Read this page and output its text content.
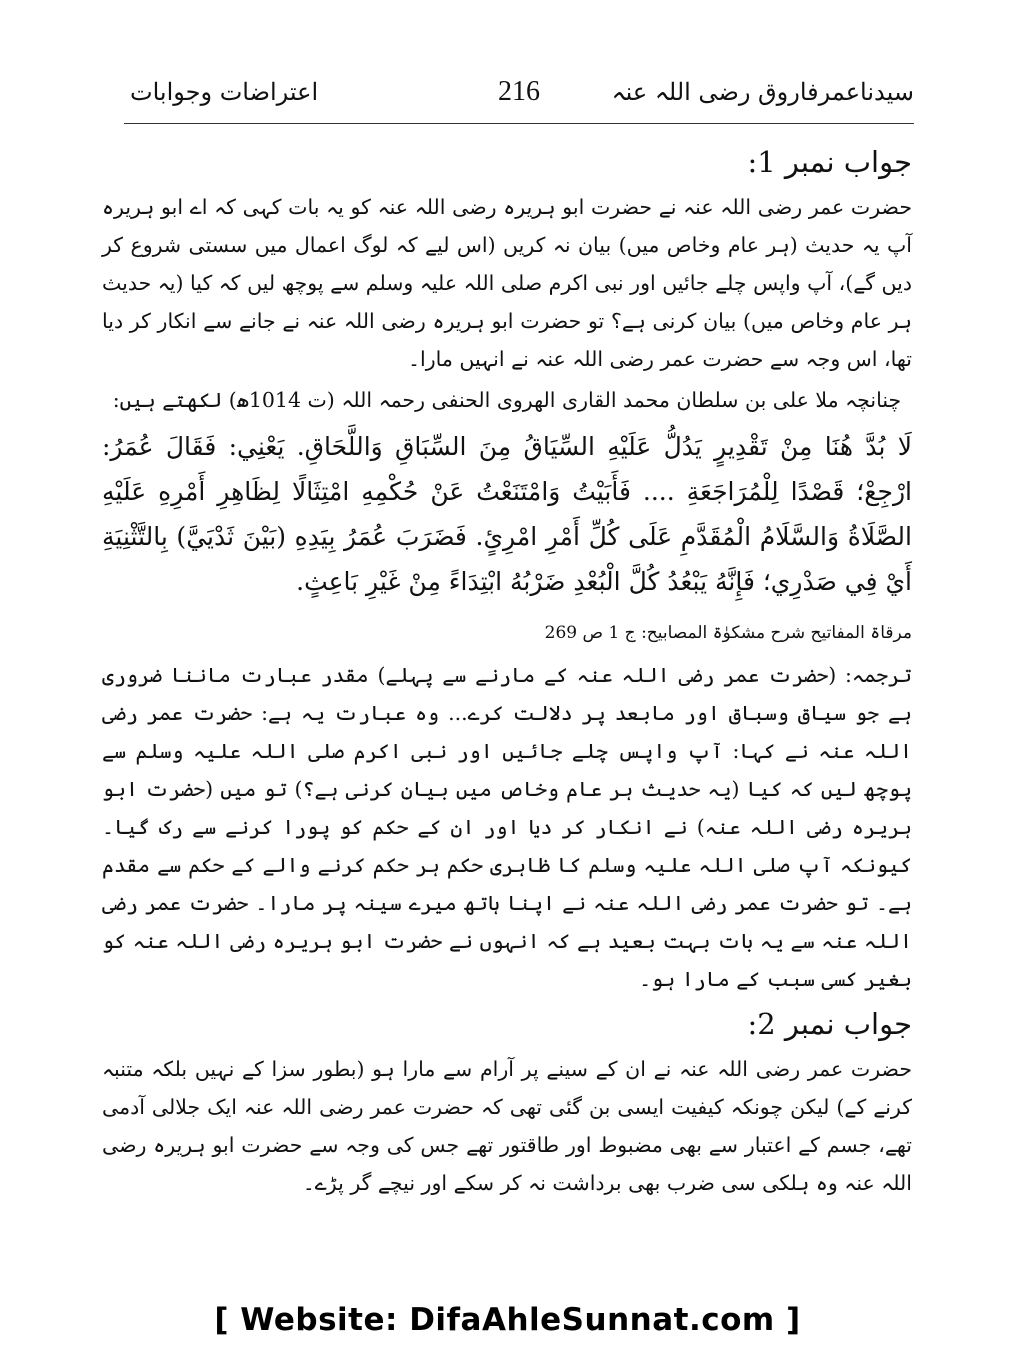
سیدناعمرفاروق رضی اللہ عنہ
216
اعتراضات وجوابات
جواب نمبر 1:

حضرت عمر رضی اللہ عنہ نے حضرت ابو ہریرہ رضی اللہ عنہ کو یہ بات کہی کہ اے ابو ہریرہ آپ یہ حدیث (ہر عام وخاص میں) بیان نہ کریں (اس لیے کہ لوگ اعمال میں سستی شروع کر دیں گے)، آپ واپس چلے جائیں اور نبی اکرم صلی اللہ علیہ وسلم سے پوچھ لیں کہ کیا (یہ حدیث ہر عام وخاص میں) بیان کرنی ہے؟ تو حضرت ابو ہریرہ رضی اللہ عنہ نے جانے سے انکار کر دیا تھا، اس وجہ سے حضرت عمر رضی اللہ عنہ نے انہیں مارا۔

چنانچہ ملا علی بن سلطان محمد القاری الھروی الحنفی رحمہ اللہ (ت 1014ھ) لکھتے ہیں:

لَا بُدَّ هُنَا مِنْ تَقْدِيرٍ يَدُلُّ عَلَيْهِ السِّيَاقُ مِنَ السِّبَاقِ وَاللَّحَاقِ. يَعْنِي: فَقَالَ عُمَرُ: ارْجِعْ؛ قَصْدًا لِلْمُرَاجَعَةِ .... فَأَبَيْتُ وَامْتَنَعْتُ عَنْ حُكْمِهِ امْتِثَالًا لِظَاهِرِ أَمْرِهِ عَلَيْهِ الصَّلَاةُ وَالسَّلَامُ الْمُقَدَّمِ عَلَى كُلِّ أَمْرِ امْرِئٍ. فَضَرَبَ عُمَرُ بِيَدِهِ (بَيْنَ ثَدْيَيَّ) بِالتَّثْنِيَةِ أَيْ فِي صَدْرِي؛ فَإِنَّهُ يَبْعُدُ كُلَّ الْبُعْدِ ضَرْبُهُ ابْتِدَاءً مِنْ غَيْرِ بَاعِثٍ.

مرقاۃ المفاتیح شرح مشکوٰۃ المصابیح: ج 1 ص 269

ترجمہ: (حضرت عمر رضی اللہ عنہ کے مارنے سے پہلے) مقدر عبارت ماننا ضروری ہے جو سیاق وسباق اور مابعد پر دلالت کرے... وہ عبارت یہ ہے: حضرت عمر رضی اللہ عنہ نے کہا: آپ واپس چلے جائیں اور نبی اکرم صلی اللہ علیہ وسلم سے پوچھ لیں کہ کیا (یہ حدیث ہر عام وخاص میں بیان کرنی ہے؟) تو میں (حضرت ابو ہریرہ رضی اللہ عنہ) نے انکار کر دیا اور ان کے حکم کو پورا کرنے سے رک گیا۔ کیونکہ آپ صلی اللہ علیہ وسلم کا ظاہری حکم ہر حکم کرنے والے کے حکم سے مقدم ہے۔ تو حضرت عمر رضی اللہ عنہ نے اپنا ہاتھ میرے سینہ پر مارا۔ حضرت عمر رضی اللہ عنہ سے یہ بات بہت بعید ہے کہ انہوں نے حضرت ابو ہریرہ رضی اللہ عنہ کو بغیر کسی سبب کے مارا ہو۔

جواب نمبر 2:

حضرت عمر رضی اللہ عنہ نے ان کے سینے پر آرام سے مارا ہو (بطور سزا کے نہیں بلکہ متنبہ کرنے کے) لیکن چونکہ کیفیت ایسی بن گئی تھی کہ حضرت عمر رضی اللہ عنہ ایک جلالی آدمی تھے، جسم کے اعتبار سے بھی مضبوط اور طاقتور تھے جس کی وجہ سے حضرت ابو ہریرہ رضی اللہ عنہ وہ ہلکی سی ضرب بھی برداشت نہ کر سکے اور نیچے گر پڑے۔

[ Website: DifaAhleSunnat.com ]
